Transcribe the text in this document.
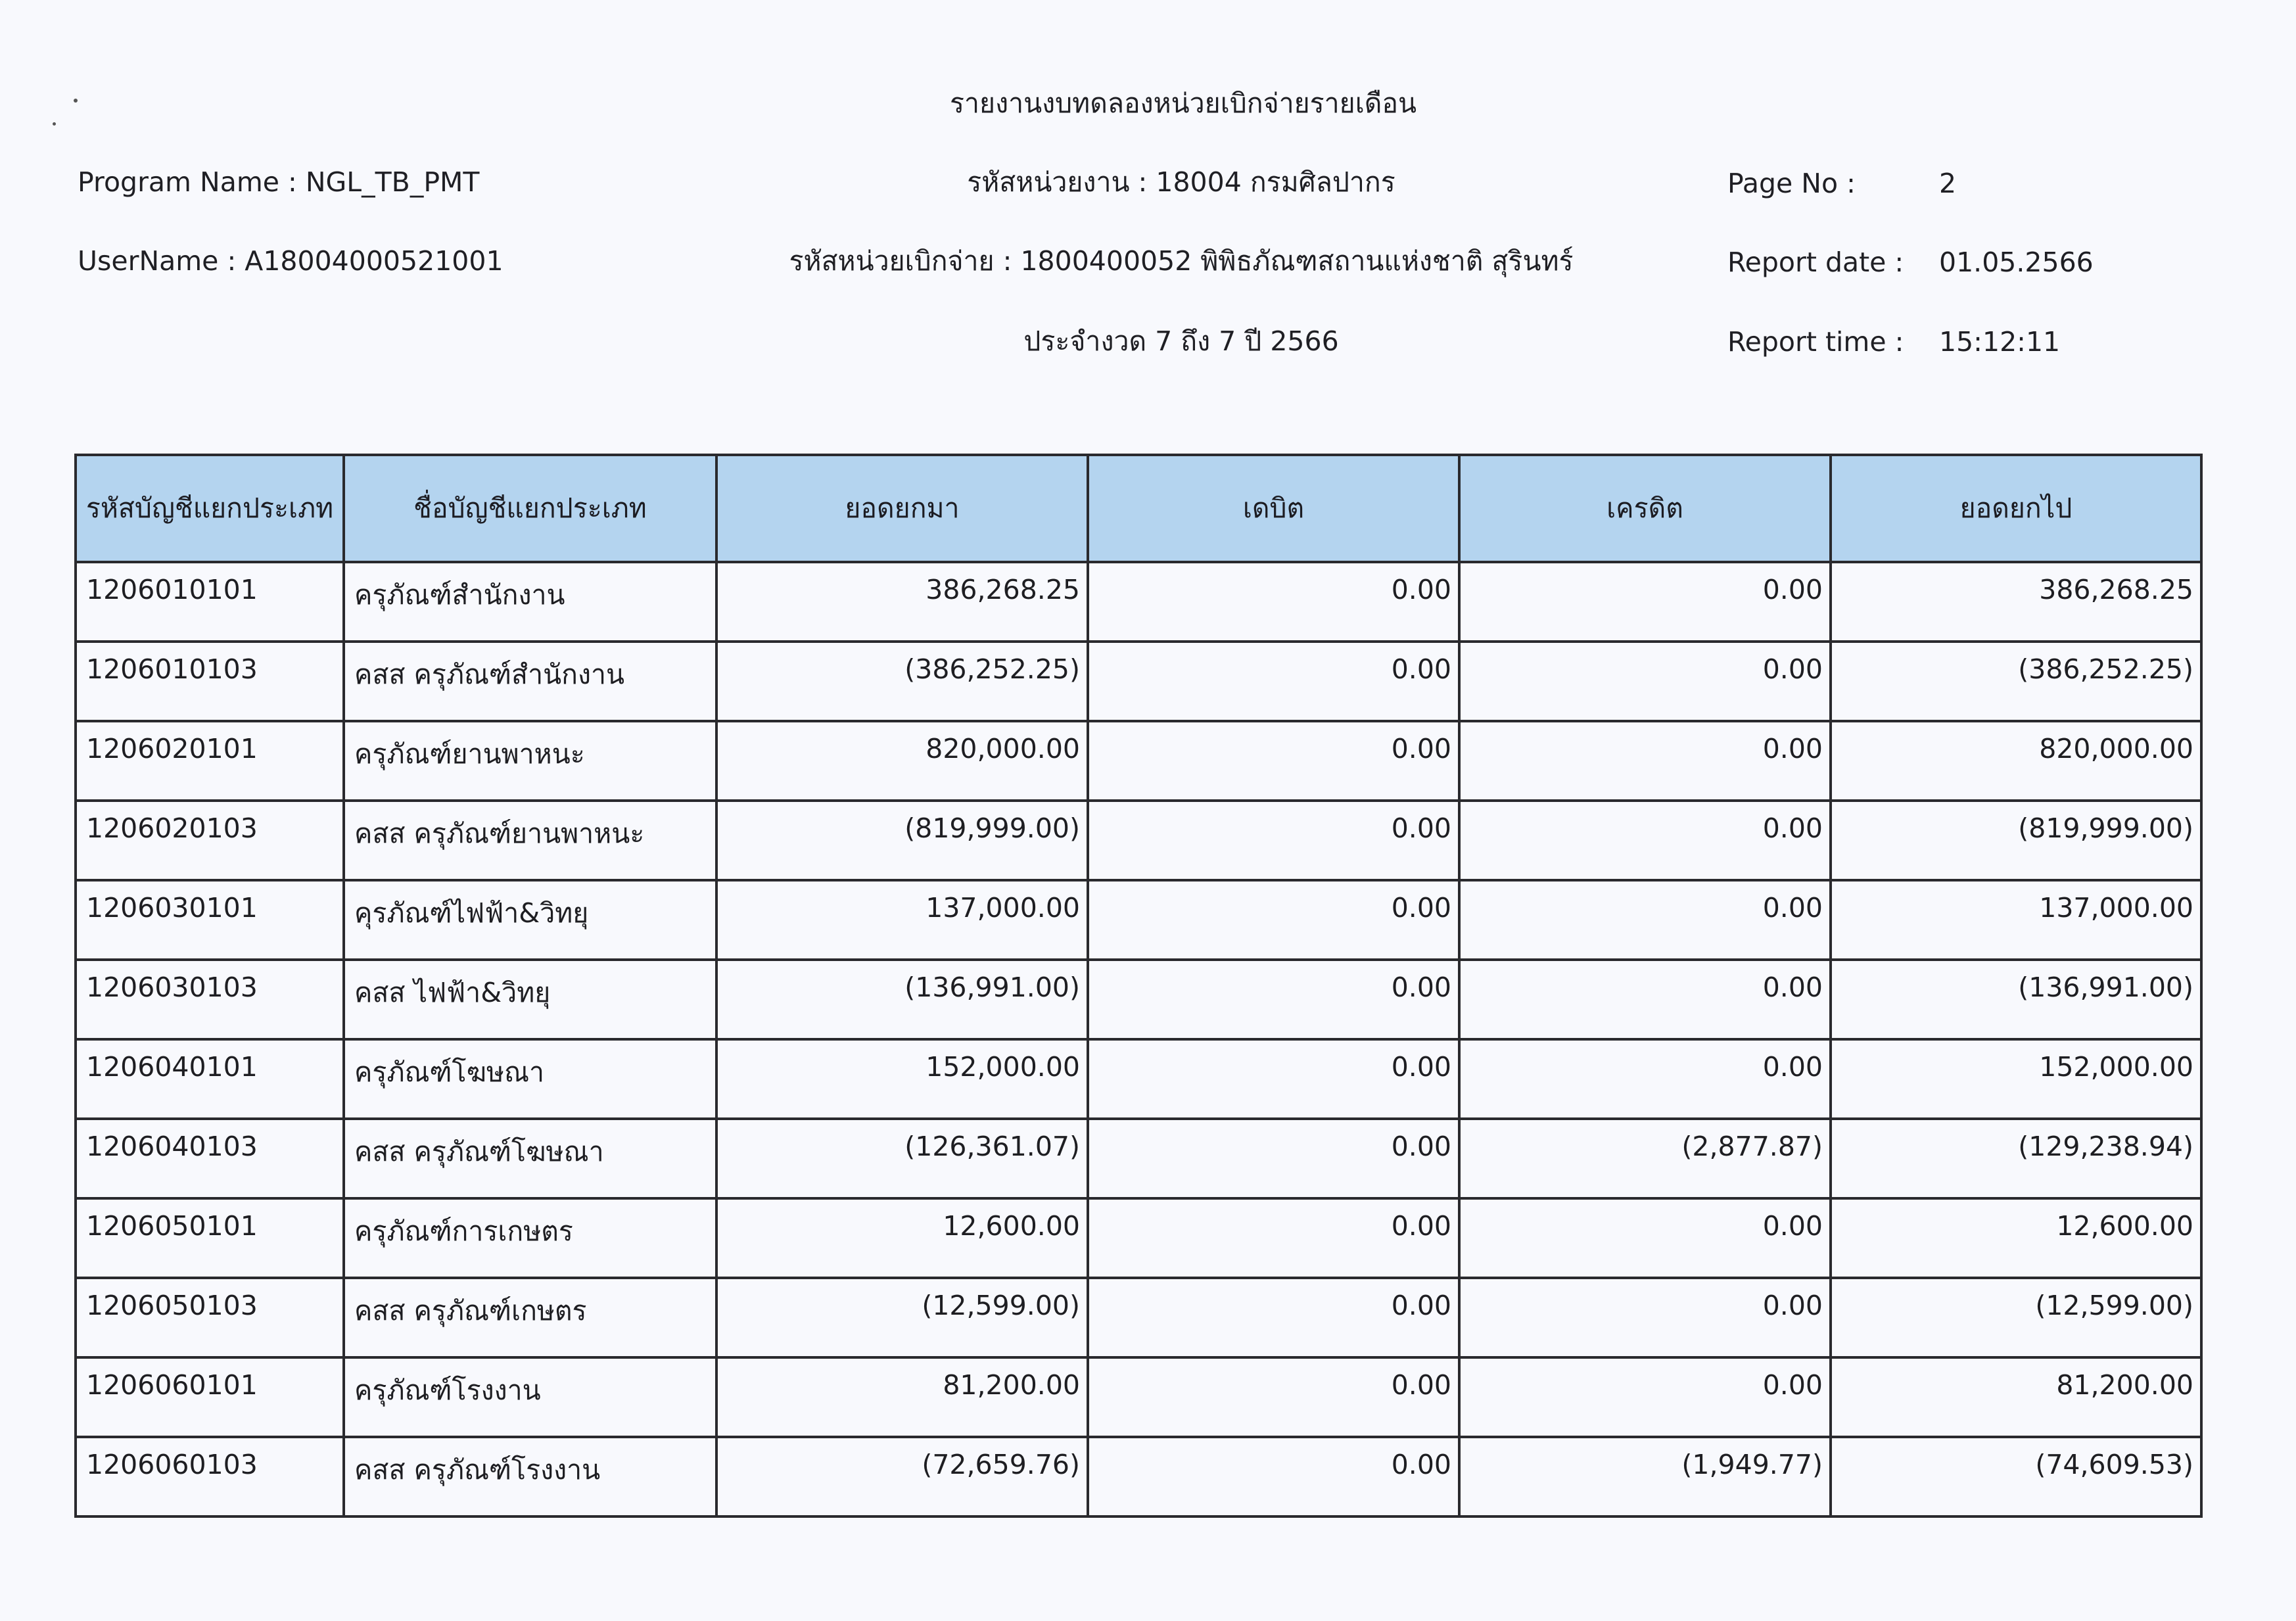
รายงานงบทดลองหน่วยเบิกจ่ายรายเดือน
Program Name : NGL_TB_PMT	รหัสหน่วยงาน : 18004 กรมศิลปากร	Page No :	2
UserName : A18004000521001	รหัสหน่วยเบิกจ่าย : 1800400052 พิพิธภัณฑสถานแห่งชาติ สุรินทร์	Report date : 01.05.2566
ประจำงวด 7 ถึง 7 ปี 2566	Report time : 15:12:11
รหัสบัญชีแยกประเภท	ชื่อบัญชีแยกประเภท	ยอดยกมา	เดบิต	เครดิต	ยอดยกไป
1206010101	ครุภัณฑ์สำนักงาน	386,268.25	0.00	0.00	386,268.25
1206010103	คสส ครุภัณฑ์สำนักงาน	(386,252.25)	0.00	0.00	(386,252.25)
1206020101	ครุภัณฑ์ยานพาหนะ	820,000.00	0.00	0.00	820,000.00
1206020103	คสส ครุภัณฑ์ยานพาหนะ	(819,999.00)	0.00	0.00	(819,999.00)
1206030101	คุรภัณฑ์ไฟฟ้า&วิทยุ	137,000.00	0.00	0.00	137,000.00
1206030103	คสส ไฟฟ้า&วิทยุ	(136,991.00)	0.00	0.00	(136,991.00)
1206040101	ครุภัณฑ์โฆษณา	152,000.00	0.00	0.00	152,000.00
1206040103	คสส ครุภัณฑ์โฆษณา	(126,361.07)	0.00	(2,877.87)	(129,238.94)
1206050101	ครุภัณฑ์การเกษตร	12,600.00	0.00	0.00	12,600.00
1206050103	คสส ครุภัณฑ์เกษตร	(12,599.00)	0.00	0.00	(12,599.00)
1206060101	ครุภัณฑ์โรงงาน	81,200.00	0.00	0.00	81,200.00
1206060103	คสส ครุภัณฑ์โรงงาน	(72,659.76)	0.00	(1,949.77)	(74,609.53)
